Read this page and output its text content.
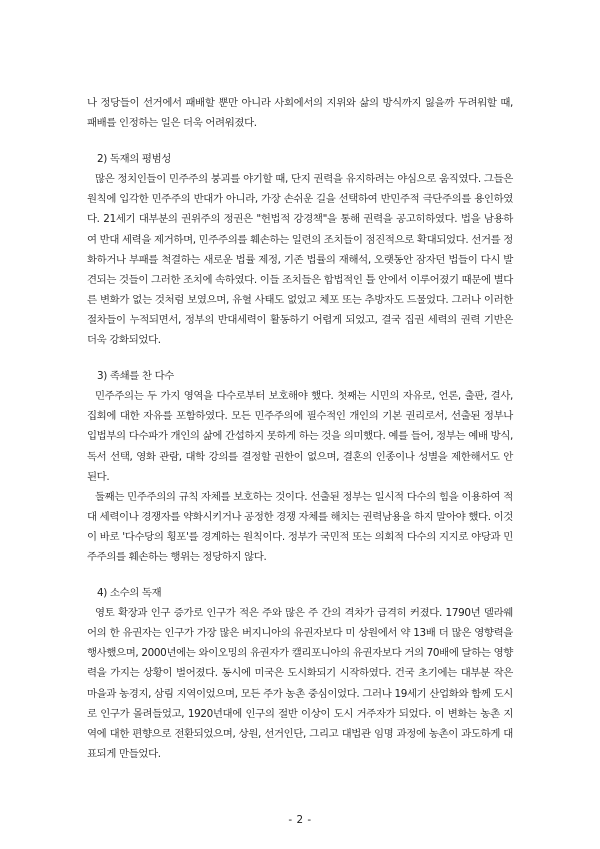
나 정당들이 선거에서 패배할 뿐만 아니라 사회에서의 지위와 삶의 방식까지 잃을까 두려워할 때, 패배를 인정하는 일은 더욱 어려워졌다.

2) 독재의 평범성

많은 정치인들이 민주주의 붕괴를 야기할 때, 단지 권력을 유지하려는 야심으로 움직였다. 그들은 원칙에 입각한 민주주의 반대가 아니라, 가장 손쉬운 길을 선택하여 반민주적 극단주의를 용인하였다. 21세기 대부분의 권위주의 정권은 "헌법적 강경책"을 통해 권력을 공고히하였다. 법을 남용하여 반대 세력을 제거하며, 민주주의를 훼손하는 일련의 조치들이 점진적으로 확대되었다. 선거를 정화하거나 부패를 척결하는 새로운 법률 제정, 기존 법률의 재해석, 오랫동안 잠자던 법들이 다시 발견되는 것들이 그러한 조치에 속하였다. 이들 조치들은 합법적인 틀 안에서 이루어졌기 때문에 별다른 변화가 없는 것처럼 보였으며, 유혈 사태도 없었고 체포 또는 추방자도 드물었다. 그러나 이러한 절차들이 누적되면서, 정부의 반대세력이 활동하기 어렵게 되었고, 결국 집권 세력의 권력 기반은 더욱 강화되었다.

3) 족쇄를 찬 다수

민주주의는 두 가지 영역을 다수로부터 보호해야 했다. 첫째는 시민의 자유로, 언론, 출판, 결사, 집회에 대한 자유를 포함하였다. 모든 민주주의에 필수적인 개인의 기본 권리로서, 선출된 정부나 입법부의 다수파가 개인의 삶에 간섭하지 못하게 하는 것을 의미했다. 예를 들어, 정부는 예배 방식, 독서 선택, 영화 관람, 대학 강의를 결정할 권한이 없으며, 결혼의 인종이나 성별을 제한해서도 안 된다.

둘째는 민주주의의 규칙 자체를 보호하는 것이다. 선출된 정부는 일시적 다수의 힘을 이용하여 적대 세력이나 경쟁자를 약화시키거나 공정한 경쟁 자체를 해치는 권력남용을 하지 말아야 했다. 이것이 바로 '다수당의 횡포'를 경계하는 원칙이다. 정부가 국민적 또는 의회적 다수의 지지로 야당과 민주주의를 훼손하는 행위는 정당하지 않다.

4) 소수의 독재

영토 확장과 인구 증가로 인구가 적은 주와 많은 주 간의 격차가 급격히 커졌다. 1790년 델라웨어의 한 유권자는 인구가 가장 많은 버지니아의 유권자보다 미 상원에서 약 13배 더 많은 영향력을 행사했으며, 2000년에는 와이오밍의 유권자가 캘리포니아의 유권자보다 거의 70배에 달하는 영향력을 가지는 상황이 벌어졌다. 동시에 미국은 도시화되기 시작하였다. 건국 초기에는 대부분 작은 마을과 농경지, 삼림 지역이었으며, 모든 주가 농촌 중심이었다. 그러나 19세기 산업화와 함께 도시로 인구가 몰려들었고, 1920년대에 인구의 절반 이상이 도시 거주자가 되었다. 이 변화는 농촌 지역에 대한 편향으로 전환되었으며, 상원, 선거인단, 그리고 대법관 임명 과정에 농촌이 과도하게 대표되게 만들었다.

- 2 -
